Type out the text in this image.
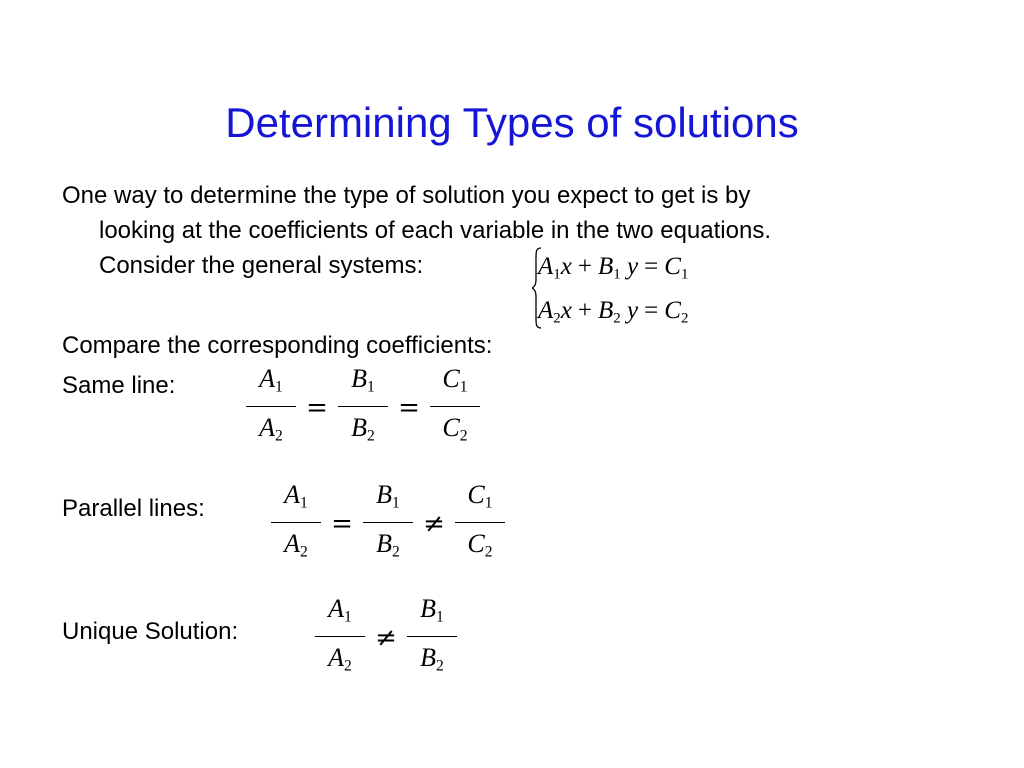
Determining Types of solutions
One way to determine the type of solution you expect to get is by
looking at the coefficients of each variable in the two equations.
Consider the general systems:	$A_1x + B_1$ $y = C_1$
$A_2x + B_2$ $y = C_2$
Compare the corresponding coefficients:
Same line:	$\frac{A_1}{A_2} = \frac{B_1}{B_2} = \frac{C_1}{C_2}$
Parallel lines:	$\frac{A_1}{A_2} = \frac{B_1}{B_2} \ne \frac{C_1}{C_2}$
Unique Solution:	$\frac{A_1}{A_2} \ne \frac{B_1}{B_2}$
